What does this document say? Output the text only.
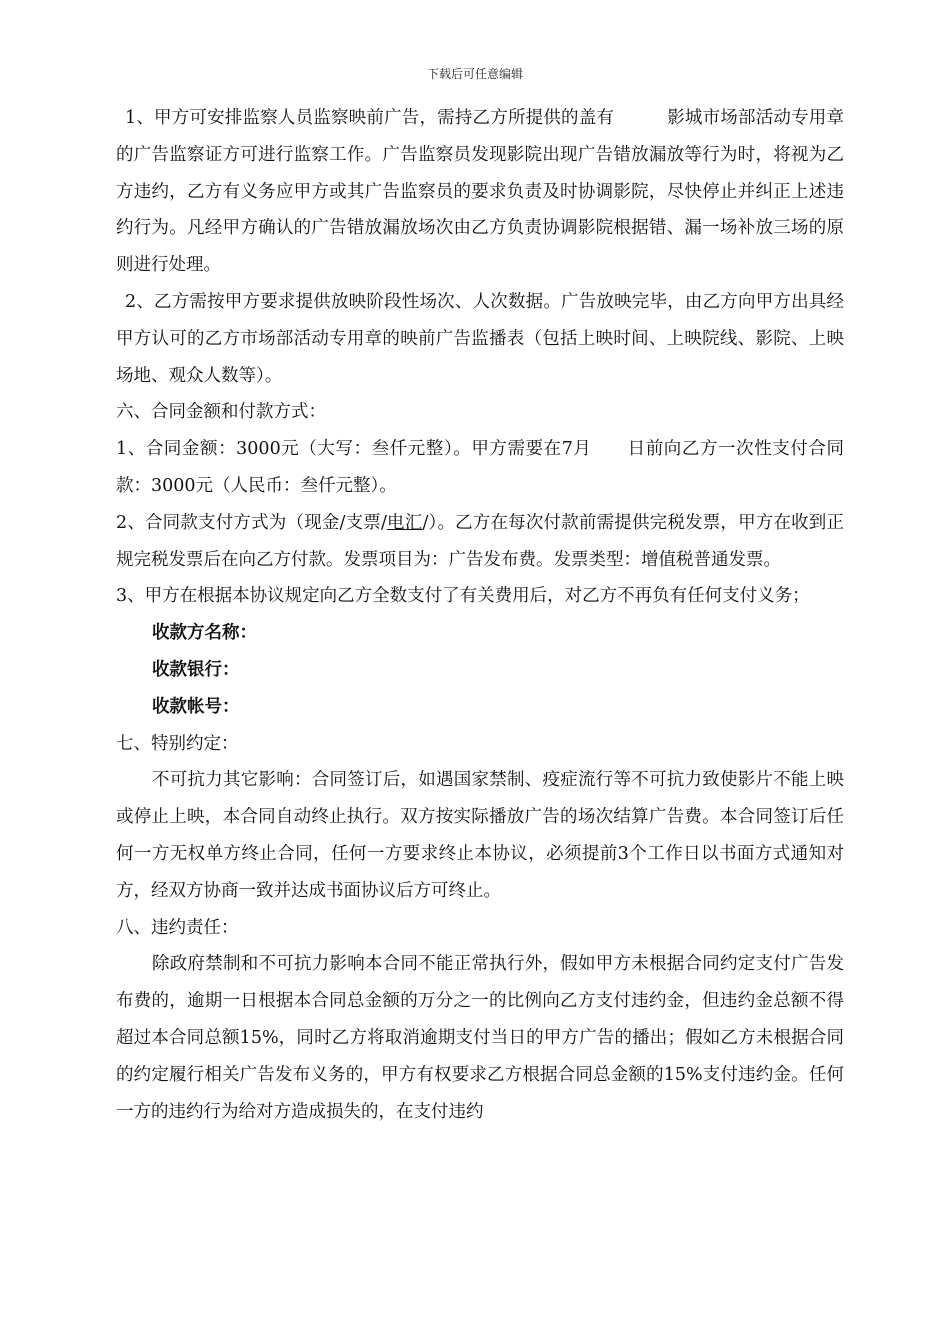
下载后可任意编辑

1、甲方可安排监察人员监察映前广告，需持乙方所提供的盖有　　　影城市场部活动专用章的广告监察证方可进行监察工作。广告监察员发现影院出现广告错放漏放等行为时，将视为乙方违约，乙方有义务应甲方或其广告监察员的要求负责及时协调影院，尽快停止并纠正上述违约行为。凡经甲方确认的广告错放漏放场次由乙方负责协调影院根据错、漏一场补放三场的原则进行处理。

2、乙方需按甲方要求提供放映阶段性场次、人次数据。广告放映完毕，由乙方向甲方出具经甲方认可的乙方市场部活动专用章的映前广告监播表（包括上映时间、上映院线、影院、上映场地、观众人数等）。

六、合同金额和付款方式：

1、合同金额：3000元（大写：叁仟元整）。甲方需要在7月　　日前向乙方一次性支付合同款：3000元（人民币：叁仟元整）。

2、合同款支付方式为（现金/支票/电汇/）。乙方在每次付款前需提供完税发票，甲方在收到正规完税发票后在向乙方付款。发票项目为：广告发布费。发票类型：增值税普通发票。

3、甲方在根据本协议规定向乙方全数支付了有关费用后，对乙方不再负有任何支付义务；

收款方名称：

收款银行：

收款帐号：

七、特别约定：

不可抗力其它影响：合同签订后，如遇国家禁制、疫症流行等不可抗力致使影片不能上映或停止上映，本合同自动终止执行。双方按实际播放广告的场次结算广告费。本合同签订后任何一方无权单方终止合同，任何一方要求终止本协议，必须提前3个工作日以书面方式通知对方，经双方协商一致并达成书面协议后方可终止。

八、违约责任：

除政府禁制和不可抗力影响本合同不能正常执行外，假如甲方未根据合同约定支付广告发布费的，逾期一日根据本合同总金额的万分之一的比例向乙方支付违约金，但违约金总额不得超过本合同总额15%，同时乙方将取消逾期支付当日的甲方广告的播出；假如乙方未根据合同的约定履行相关广告发布义务的，甲方有权要求乙方根据合同总金额的15%支付违约金。任何一方的违约行为给对方造成损失的，在支付违约
